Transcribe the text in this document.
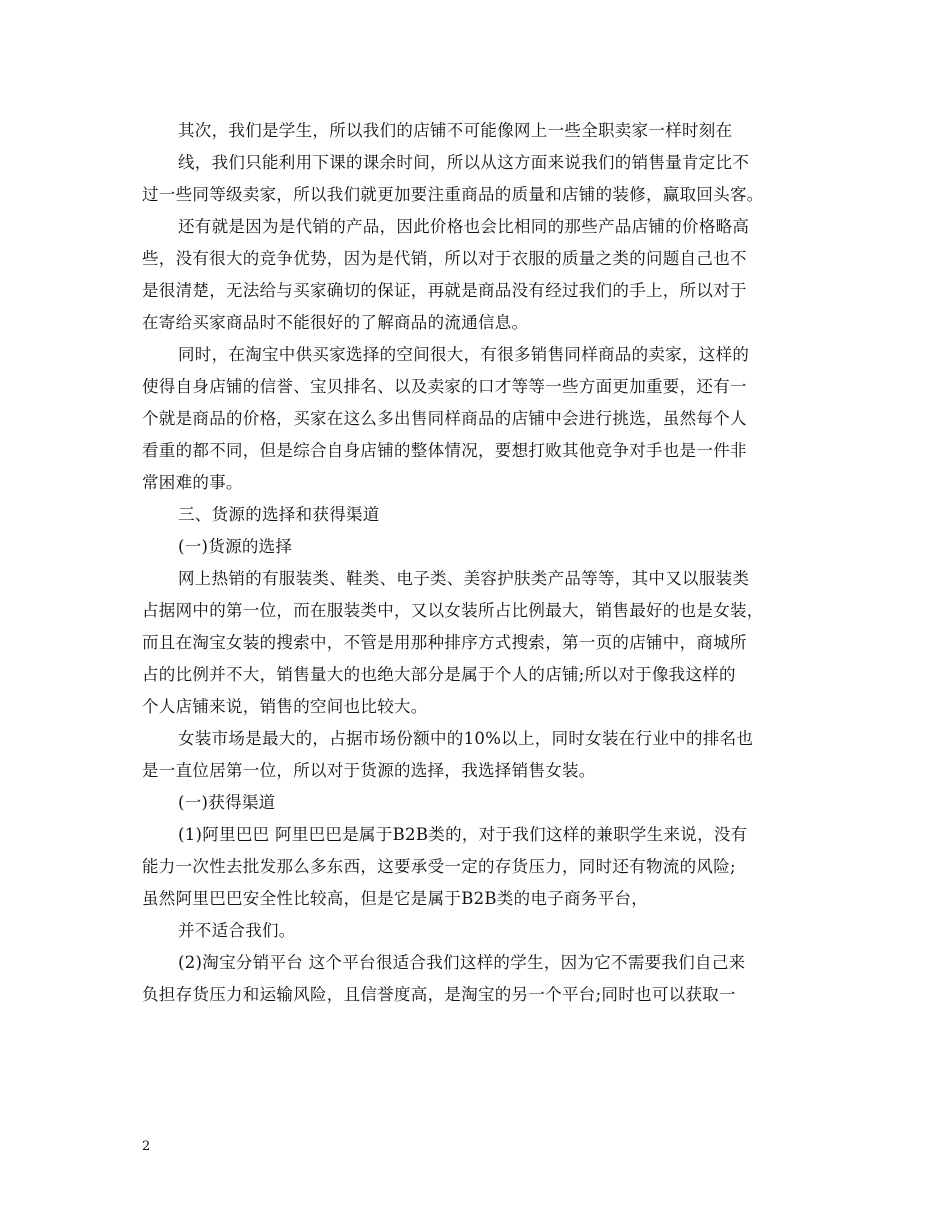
其次，我们是学生，所以我们的店铺不可能像网上一些全职卖家一样时刻在
线，我们只能利用下课的课余时间，所以从这方面来说我们的销售量肯定比不
过一些同等级卖家，所以我们就更加要注重商品的质量和店铺的装修，赢取回头客。
还有就是因为是代销的产品，因此价格也会比相同的那些产品店铺的价格略高
些，没有很大的竞争优势，因为是代销，所以对于衣服的质量之类的问题自己也不
是很清楚，无法给与买家确切的保证，再就是商品没有经过我们的手上，所以对于
在寄给买家商品时不能很好的了解商品的流通信息。
同时，在淘宝中供买家选择的空间很大，有很多销售同样商品的卖家，这样的
使得自身店铺的信誉、宝贝排名、以及卖家的口才等等一些方面更加重要，还有一
个就是商品的价格，买家在这么多出售同样商品的店铺中会进行挑选，虽然每个人
看重的都不同，但是综合自身店铺的整体情况，要想打败其他竞争对手也是一件非
常困难的事。
三、货源的选择和获得渠道
(一)货源的选择
网上热销的有服装类、鞋类、电子类、美容护肤类产品等等，其中又以服装类
占据网中的第一位，而在服装类中，又以女装所占比例最大，销售最好的也是女装，
而且在淘宝女装的搜索中，不管是用那种排序方式搜索，第一页的店铺中，商城所
占的比例并不大，销售量大的也绝大部分是属于个人的店铺;所以对于像我这样的
个人店铺来说，销售的空间也比较大。
女装市场是最大的，占据市场份额中的10%以上，同时女装在行业中的排名也
是一直位居第一位，所以对于货源的选择，我选择销售女装。
(一)获得渠道
(1)阿里巴巴 阿里巴巴是属于B2B类的，对于我们这样的兼职学生来说，没有
能力一次性去批发那么多东西，这要承受一定的存货压力，同时还有物流的风险;
虽然阿里巴巴安全性比较高，但是它是属于B2B类的电子商务平台，
并不适合我们。
(2)淘宝分销平台 这个平台很适合我们这样的学生，因为它不需要我们自己来
负担存货压力和运输风险，且信誉度高，是淘宝的另一个平台;同时也可以获取一
2
